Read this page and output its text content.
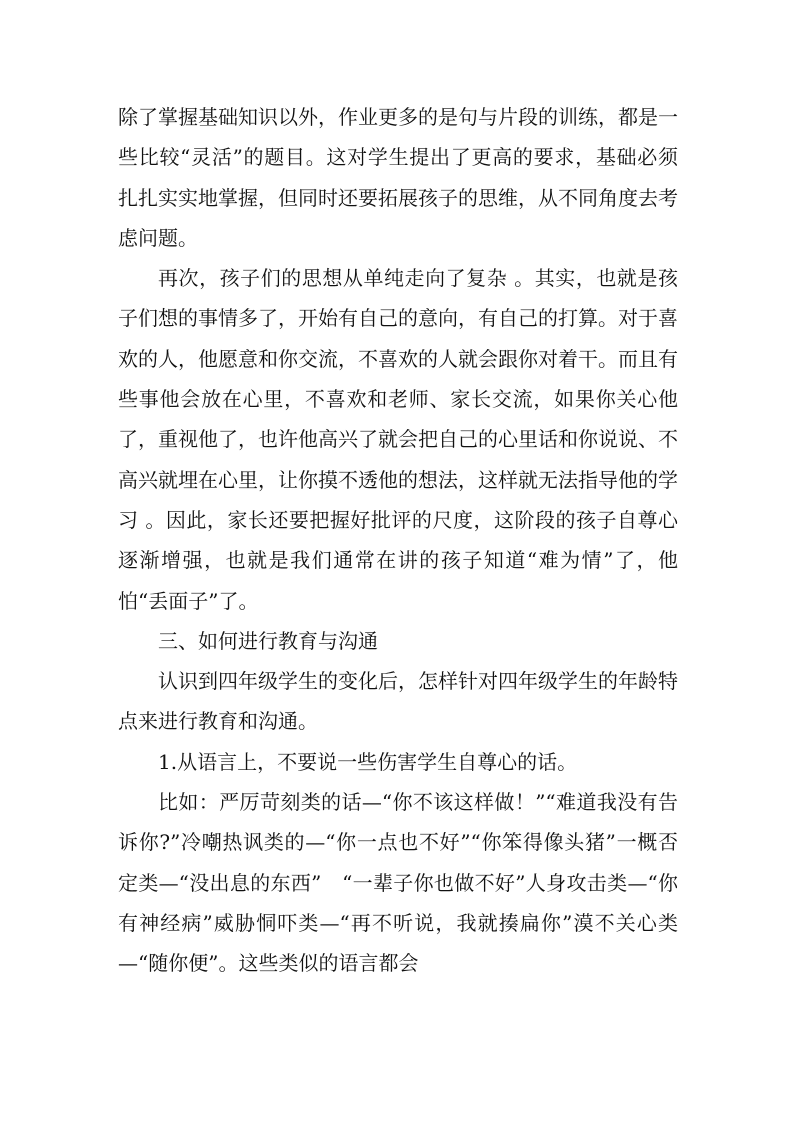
除了掌握基础知识以外，作业更多的是句与片段的训练，都是一些比较“灵活”的题目。这对学生提出了更高的要求，基础必须扎扎实实地掌握，但同时还要拓展孩子的思维，从不同角度去考虑问题。

再次，孩子们的思想从单纯走向了复杂 。其实，也就是孩子们想的事情多了，开始有自己的意向，有自己的打算。对于喜欢的人，他愿意和你交流，不喜欢的人就会跟你对着干。而且有些事他会放在心里，不喜欢和老师、家长交流，如果你关心他了，重视他了，也许他高兴了就会把自己的心里话和你说说、不高兴就埋在心里，让你摸不透他的想法，这样就无法指导他的学习 。因此，家长还要把握好批评的尺度，这阶段的孩子自尊心逐渐增强，也就是我们通常在讲的孩子知道“难为情”了，他怕“丢面子”了。

三、如何进行教育与沟通

认识到四年级学生的变化后，怎样针对四年级学生的年龄特点来进行教育和沟通。

1.从语言上，不要说一些伤害学生自尊心的话。

比如：严厉苛刻类的话—“你不该这样做！”“难道我没有告诉你?”冷嘲热讽类的—“你一点也不好”“你笨得像头猪”一概否定类—“没出息的东西”　“一辈子你也做不好”人身攻击类—“你有神经病”威胁恫吓类—“再不听说，我就揍扁你”漠不关心类—“随你便”。这些类似的语言都会
